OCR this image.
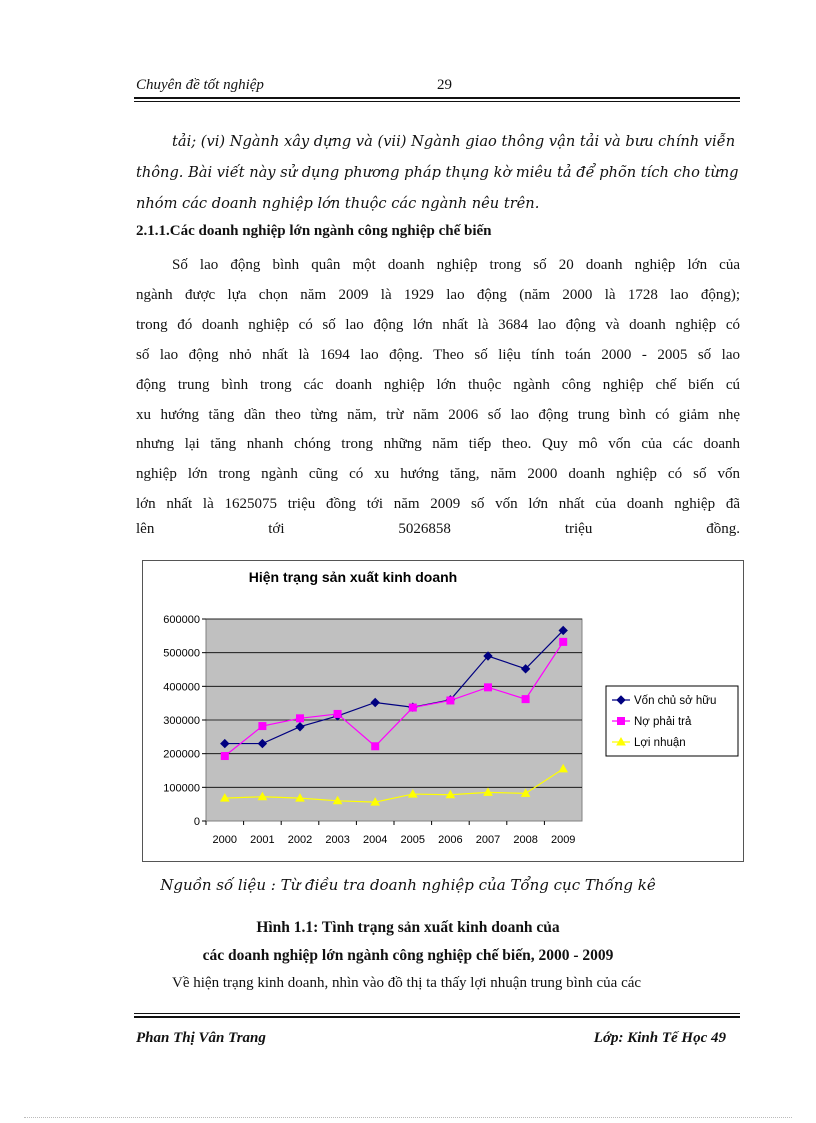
Chuyên đề tốt nghiệp	29
tải; (vi) Ngành xây dựng và (vii) Ngành giao thông vận tải và bưu chính viễn
thông. Bài viết này sử dụng phương pháp thụng kờ miêu tả để phõn tích cho từng
nhóm các doanh nghiệp lớn thuộc các ngành nêu trên.
2.1.1.Các doanh nghiệp lớn ngành công nghiệp chế biến
Số lao động bình quân một doanh nghiệp trong số 20 doanh nghiệp lớn của
ngành được lựa chọn năm 2009 là 1929 lao động (năm 2000 là 1728 lao động);
trong đó doanh nghiệp có số lao động lớn nhất là 3684 lao động và doanh nghiệp có
số lao động nhỏ nhất là 1694 lao động. Theo số liệu tính toán 2000 - 2005 số lao
động trung bình trong các doanh nghiệp lớn thuộc ngành công nghiệp chế biến cú
xu hướng tăng dần theo từng năm, trừ năm 2006 số lao động trung bình có giảm nhẹ
nhưng lại tăng nhanh chóng trong những năm tiếp theo. Quy mô vốn của các doanh
nghiệp lớn trong ngành cũng có xu hướng tăng, năm 2000 doanh nghiệp có số vốn
lớn nhất là 1625075 triệu đồng tới năm 2009 số vốn lớn nhất của doanh nghiệp đã
lên	tới	5026858	triệu	đồng.
Hiện trạng sản xuất kinh doanh
0
100000
200000
300000
400000
500000
600000
2000 2001 2002 2003 2004 2005 2006 2007 2008 2009
Vốn chủ sở hữu
Nợ phải trả
Lợi nhuận
Nguồn số liệu : Từ điều tra doanh nghiệp của Tổng cục Thống kê
Hình 1.1: Tình trạng sản xuất kinh doanh của
các doanh nghiệp lớn ngành công nghiệp chế biến, 2000 - 2009
Về hiện trạng kinh doanh, nhìn vào đồ thị ta thấy lợi nhuận trung bình của các
Phan Thị Vân Trang	Lớp: Kinh Tế Học 49
